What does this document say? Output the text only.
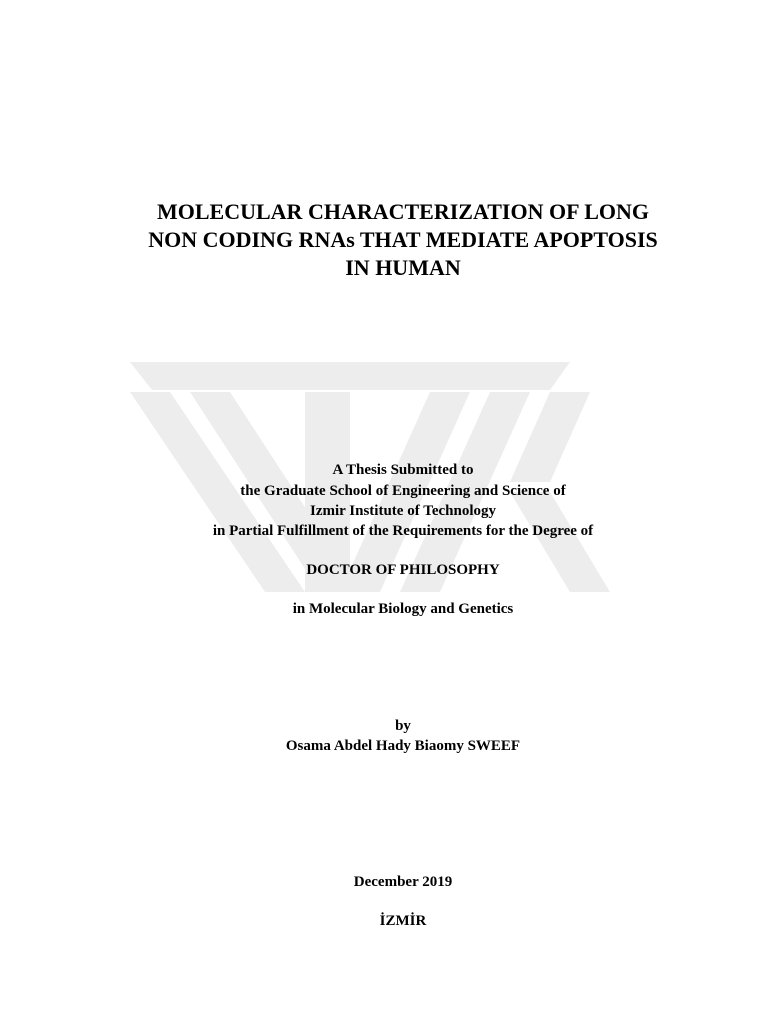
MOLECULAR CHARACTERIZATION OF LONG
NON CODING RNAs THAT MEDIATE APOPTOSIS
IN HUMAN
A Thesis Submitted to
the Graduate School of Engineering and Science of
Izmir Institute of Technology
in Partial Fulfillment of the Requirements for the Degree of
DOCTOR OF PHILOSOPHY
in Molecular Biology and Genetics
by
Osama Abdel Hady Biaomy SWEEF
December 2019
İZMİR
